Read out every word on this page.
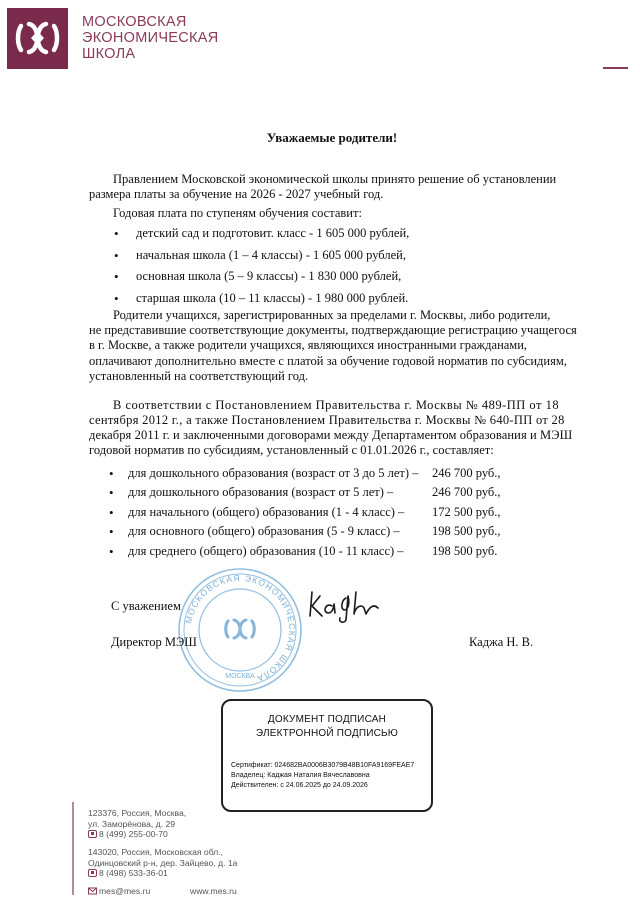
МОСКОВСКАЯ
ЭКОНОМИЧЕСКАЯ
ШКОЛА
Уважаемые родители!
Правлением Московской экономической школы принято решение об установлении
размера платы за обучение на 2026 - 2027 учебный год.
Годовая плата по ступеням обучения составит:
• детский сад и подготовит. класс - 1 605 000 рублей,
• начальная школа (1 – 4 классы) - 1 605 000 рублей,
• основная школа (5 – 9 классы) - 1 830 000 рублей,
• старшая школа (10 – 11 классы) - 1 980 000 рублей.
Родители учащихся, зарегистрированных за пределами г. Москвы, либо родители,
не представившие соответствующие документы, подтверждающие регистрацию учащегося
в г. Москве, а также родители учащихся, являющихся иностранными гражданами,
оплачивают дополнительно вместе с платой за обучение годовой норматив по субсидиям,
установленный на соответствующий год.
В соответствии с Постановлением Правительства г. Москвы № 489-ПП от 18
сентября 2012 г., а также Постановлением Правительства г. Москвы № 640-ПП от 28
декабря 2011 г. и заключенными договорами между Департаментом образования и МЭШ
годовой норматив по субсидиям, установленный с 01.01.2026 г., составляет:
• для дошкольного образования (возраст от 3 до 5 лет) – 246 700 руб.,
• для дошкольного образования (возраст от 5 лет) –	246 700 руб.,
• для начального (общего) образования (1 - 4 класс) – 172 500 руб.,
• для основного (общего) образования (5 - 9 класс) –	198 500 руб.,
• для среднего (общего) образования (10 - 11 класс) – 198 500 руб.
МОСКОВСКАЯ ЭКОНОМИЧЕСКАЯ ШКОЛА
МОСКВА
С уважением
Директор МЭШ	Каджа Н. В.
ДОКУМЕНТ ПОДПИСАН
ЭЛЕКТРОННОЙ ПОДПИСЬЮ
Сертификат: 024682BA0006B3079B48B10FA9169FEAE7
Владелец: Каджая Наталия Вячеславовна
Действителен: с 24.06.2025 до 24.09.2026
123376, Россия, Москва,
ул. Заморёнова, д. 29
8 (499) 255-00-70
143020, Россия, Московская обл.,
Одинцовский р-н, дер. Зайцево, д. 1а
8 (498) 533-36-01
mes@mes.ru	www.mes.ru
